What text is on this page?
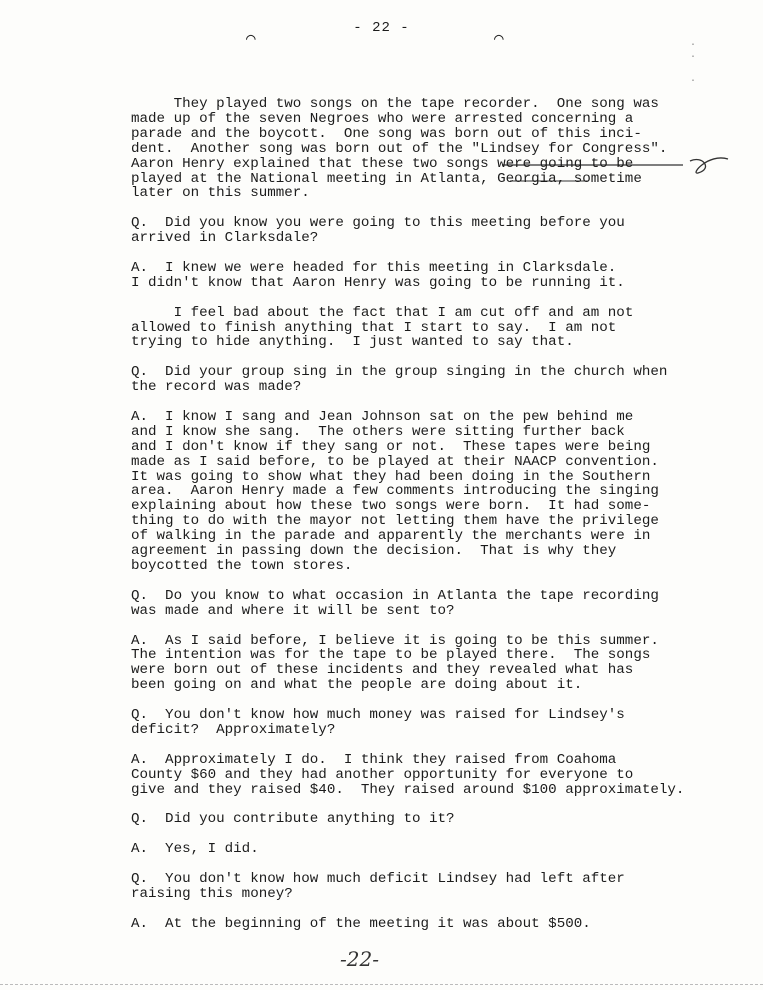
- 22 -
⌒	⌒	·
·

·

They played two songs on the tape recorder.  One song was
made up of the seven Negroes who were arrested concerning a
parade and the boycott.  One song was born out of this inci-
dent.  Another song was born out of the "Lindsey for Congress".
Aaron Henry explained that these two songs were going to be
played at the National meeting in Atlanta, Georgia, sometime
later on this summer.

Q.  Did you know you were going to this meeting before you
arrived in Clarksdale?

A.  I knew we were headed for this meeting in Clarksdale.
I didn't know that Aaron Henry was going to be running it.

I feel bad about the fact that I am cut off and am not
allowed to finish anything that I start to say.  I am not
trying to hide anything.  I just wanted to say that.

Q.  Did your group sing in the group singing in the church when
the record was made?

A.  I know I sang and Jean Johnson sat on the pew behind me
and I know she sang.  The others were sitting further back
and I don't know if they sang or not.  These tapes were being
made as I said before, to be played at their NAACP convention.
It was going to show what they had been doing in the Southern
area.  Aaron Henry made a few comments introducing the singing
explaining about how these two songs were born.  It had some-
thing to do with the mayor not letting them have the privilege
of walking in the parade and apparently the merchants were in
agreement in passing down the decision.  That is why they
boycotted the town stores.

Q.  Do you know to what occasion in Atlanta the tape recording
was made and where it will be sent to?

A.  As I said before, I believe it is going to be this summer.
The intention was for the tape to be played there.  The songs
were born out of these incidents and they revealed what has
been going on and what the people are doing about it.

Q.  You don't know how much money was raised for Lindsey's
deficit?  Approximately?

A.  Approximately I do.  I think they raised from Coahoma
County $60 and they had another opportunity for everyone to
give and they raised $40.  They raised around $100 approximately.

Q.  Did you contribute anything to it?

A.  Yes, I did.

Q.  You don't know how much deficit Lindsey had left after
raising this money?

A.  At the beginning of the meeting it was about $500.

-22-
